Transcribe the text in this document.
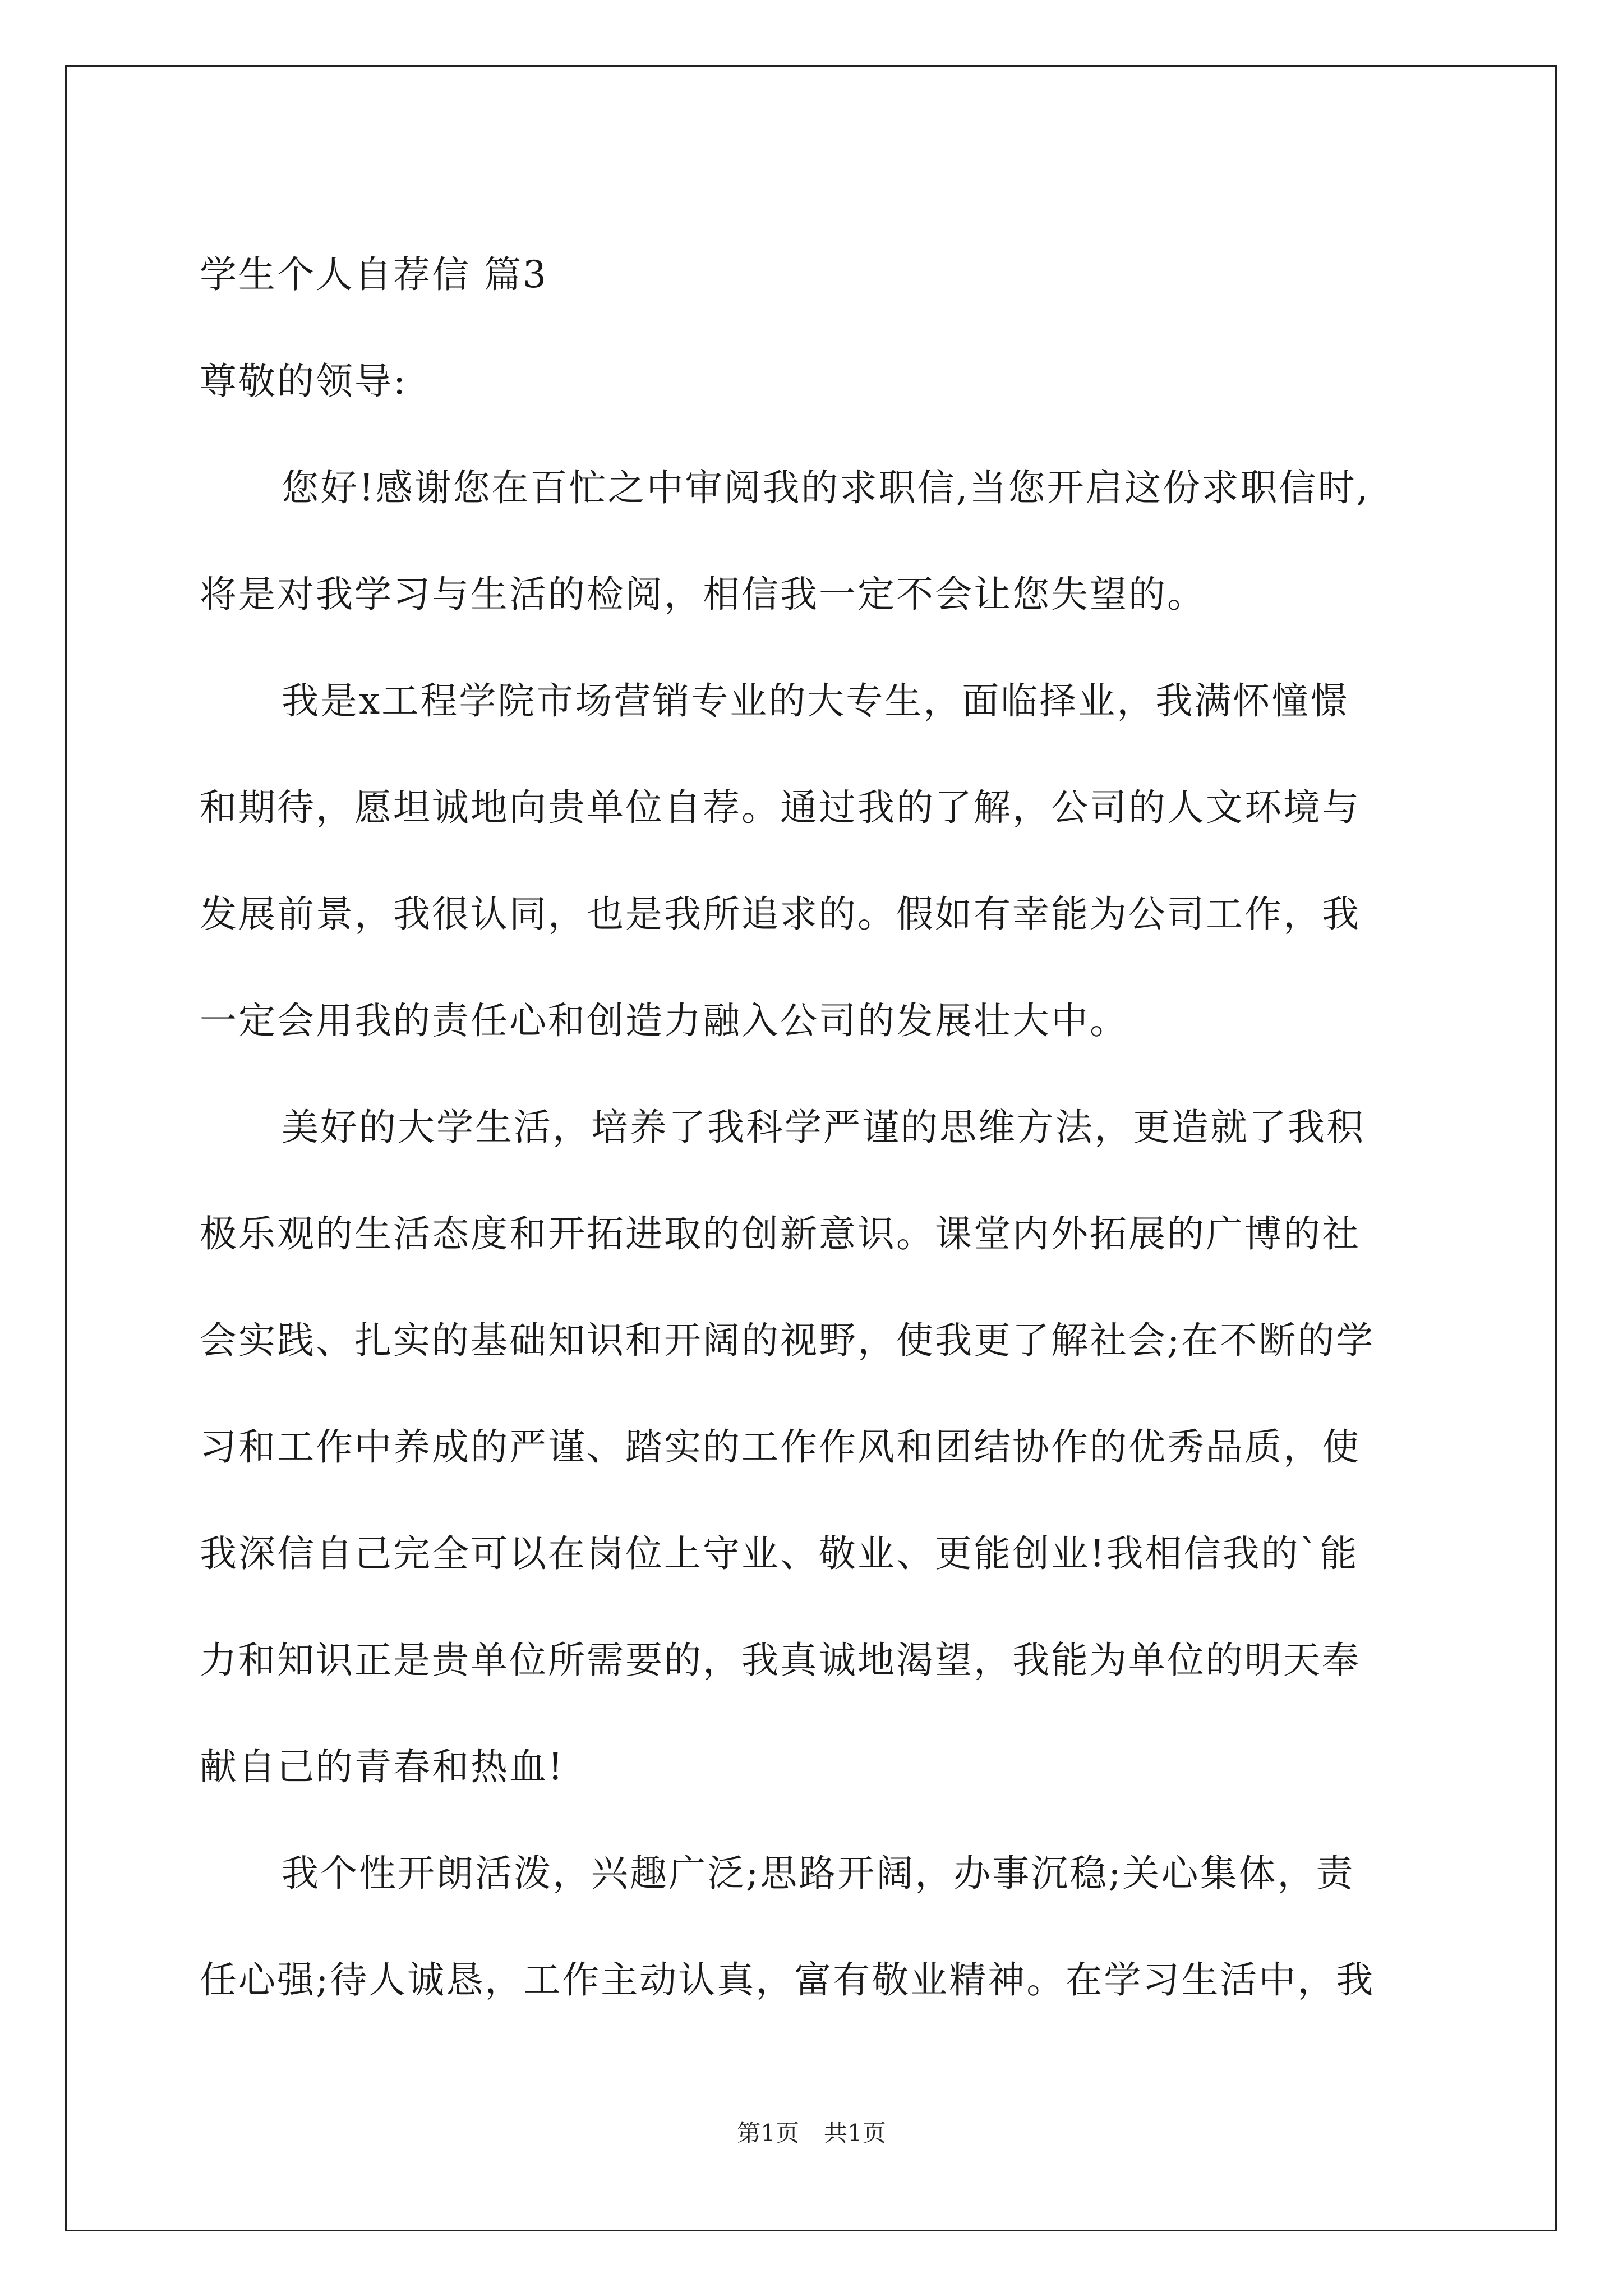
学生个人自荐信 篇3
尊敬的领导:
您好!感谢您在百忙之中审阅我的求职信,当您开启这份求职信时,
将是对我学习与生活的检阅，相信我一定不会让您失望的。
我是x工程学院市场营销专业的大专生，面临择业，我满怀憧憬
和期待，愿坦诚地向贵单位自荐。通过我的了解，公司的人文环境与
发展前景，我很认同，也是我所追求的。假如有幸能为公司工作，我
一定会用我的责任心和创造力融入公司的发展壮大中。
美好的大学生活，培养了我科学严谨的思维方法，更造就了我积
极乐观的生活态度和开拓进取的创新意识。课堂内外拓展的广博的社
会实践、扎实的基础知识和开阔的视野，使我更了解社会;在不断的学
习和工作中养成的严谨、踏实的工作作风和团结协作的优秀品质，使
我深信自己完全可以在岗位上守业、敬业、更能创业!我相信我的`能
力和知识正是贵单位所需要的，我真诚地渴望，我能为单位的明天奉
献自己的青春和热血!
我个性开朗活泼，兴趣广泛;思路开阔，办事沉稳;关心集体，责
任心强;待人诚恳，工作主动认真，富有敬业精神。在学习生活中，我
第1页 共1页
